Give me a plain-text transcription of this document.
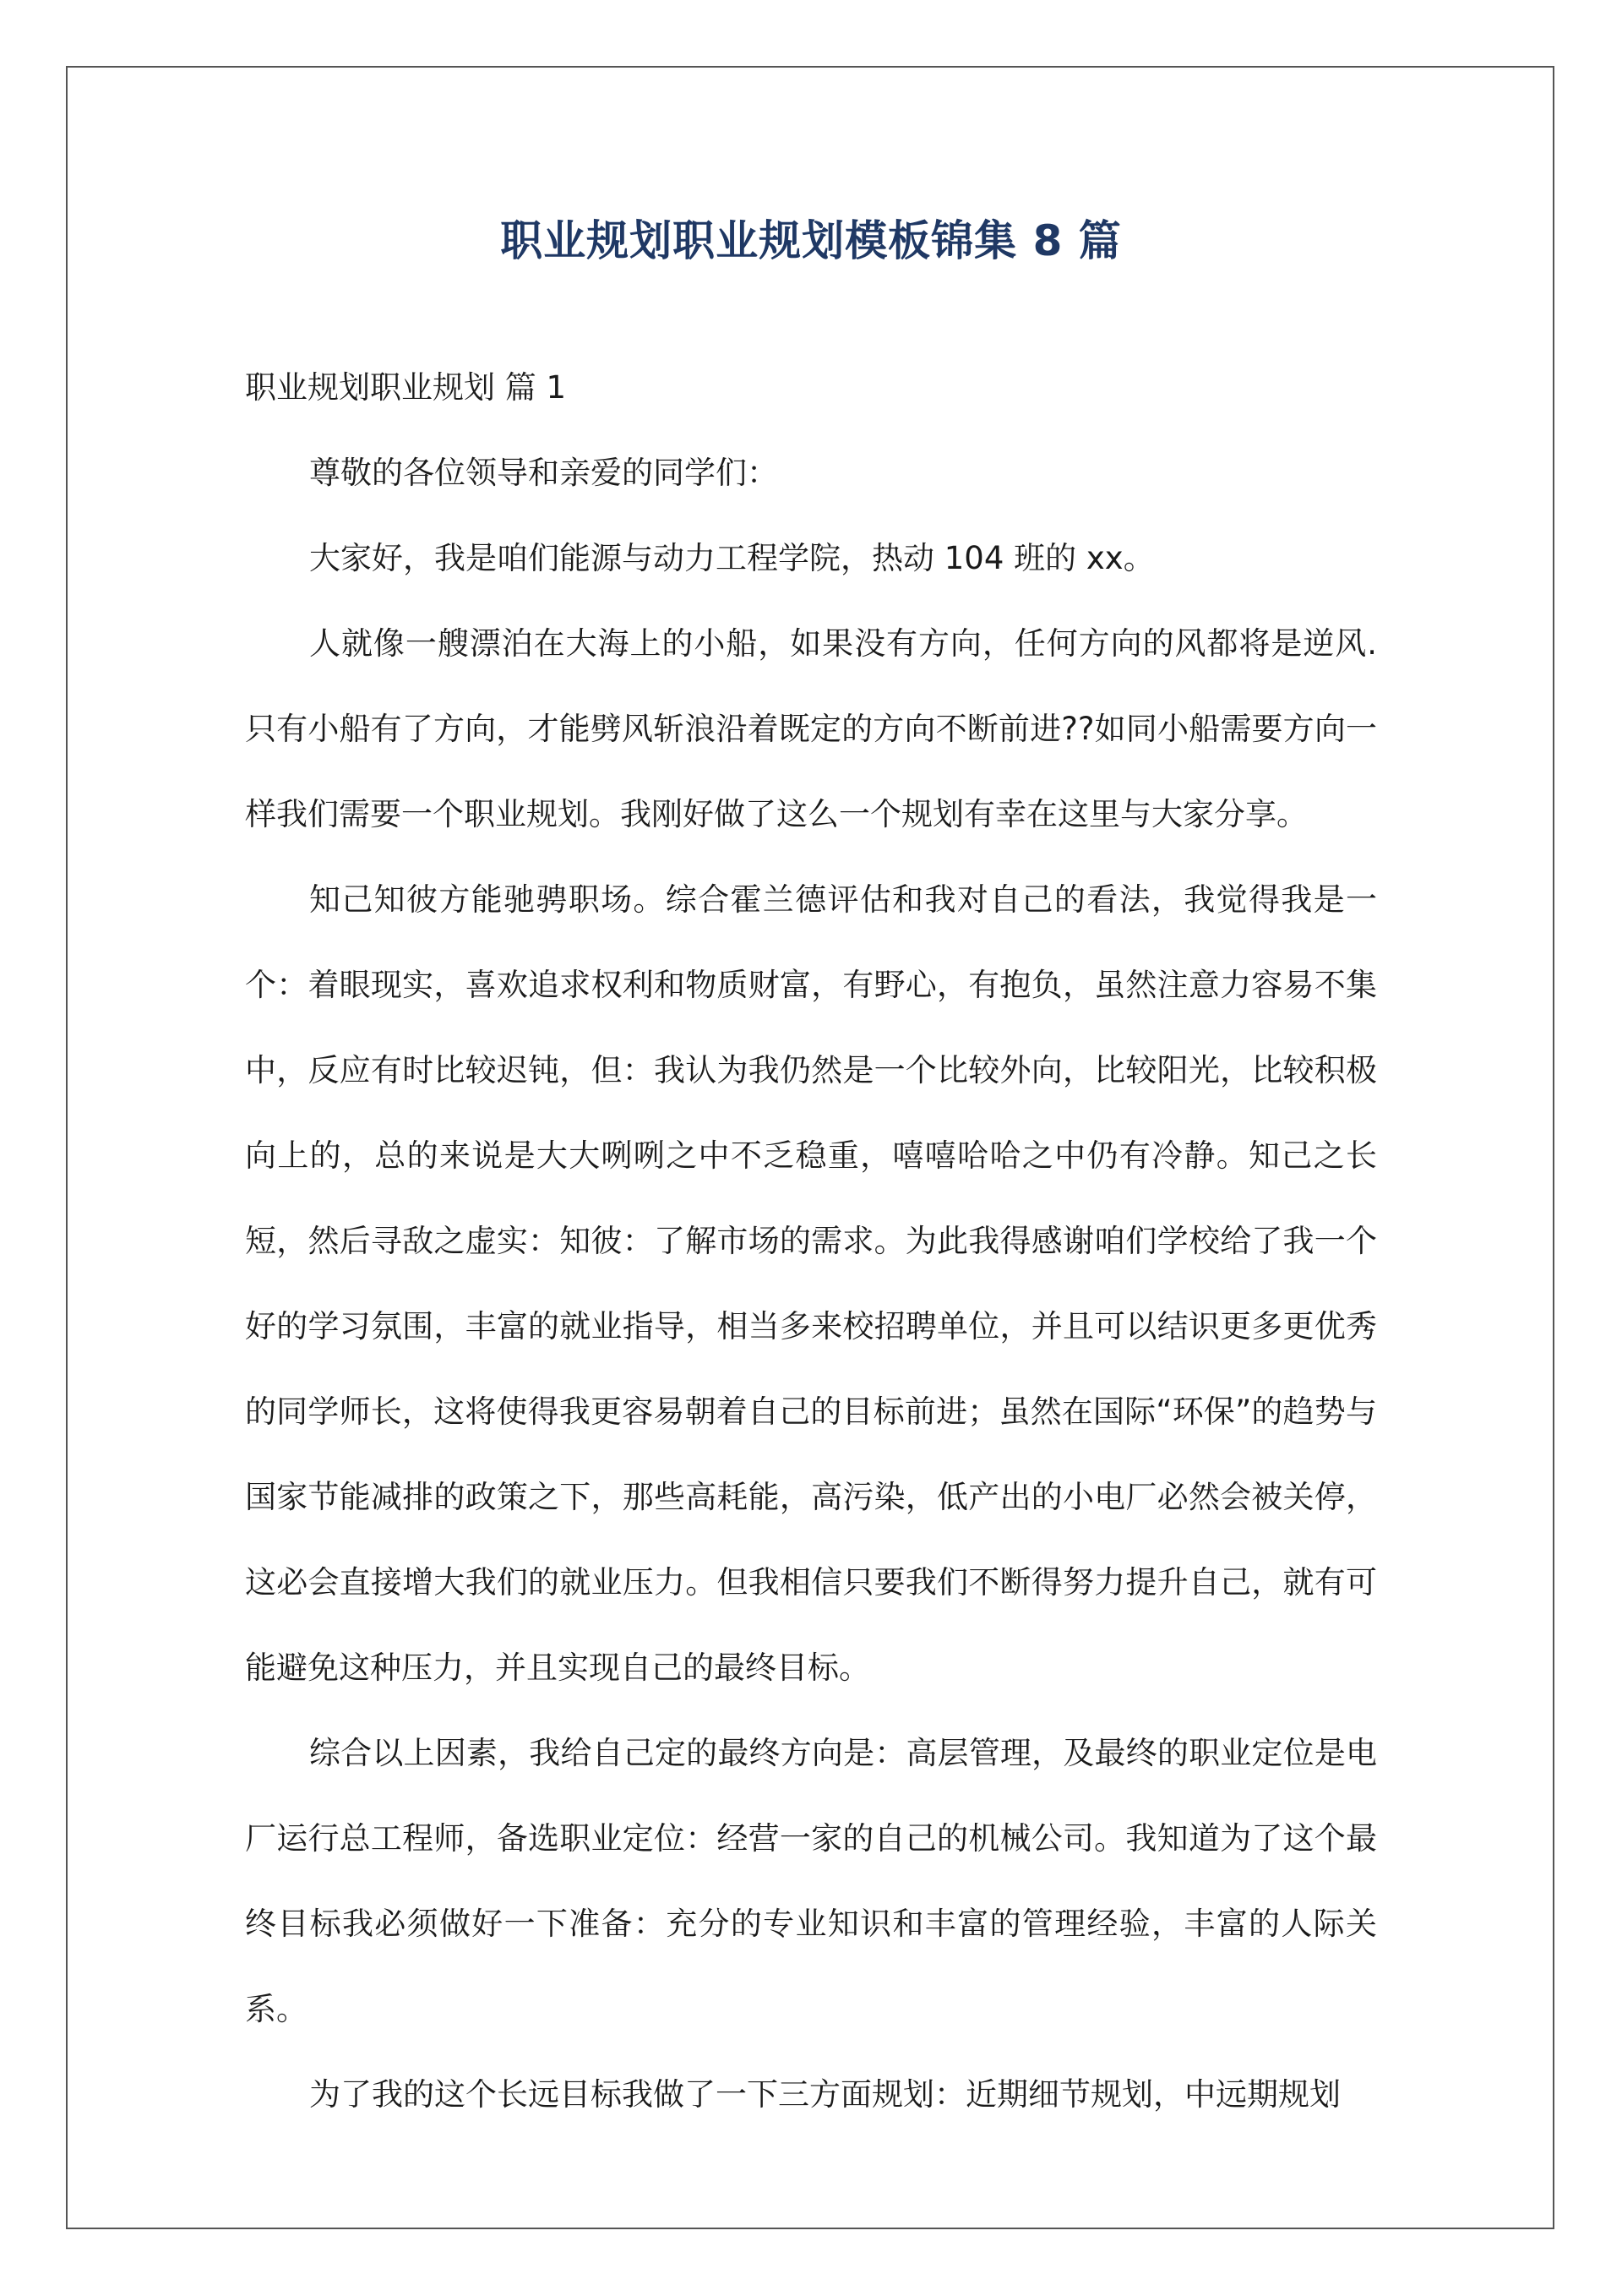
职业规划职业规划模板锦集 8 篇

职业规划职业规划 篇 1

尊敬的各位领导和亲爱的同学们：

大家好，我是咱们能源与动力工程学院，热动 104 班的 xx。

人就像一艘漂泊在大海上的小船，如果没有方向，任何方向的风都将是逆风.只有小船有了方向，才能劈风斩浪沿着既定的方向不断前进??如同小船需要方向一样我们需要一个职业规划。我刚好做了这么一个规划有幸在这里与大家分享。

知己知彼方能驰骋职场。综合霍兰德评估和我对自己的看法，我觉得我是一个：着眼现实，喜欢追求权利和物质财富，有野心，有抱负，虽然注意力容易不集中，反应有时比较迟钝，但：我认为我仍然是一个比较外向，比较阳光，比较积极向上的，总的来说是大大咧咧之中不乏稳重，嘻嘻哈哈之中仍有冷静。知己之长短，然后寻敌之虚实：知彼：了解市场的需求。为此我得感谢咱们学校给了我一个好的学习氛围，丰富的就业指导，相当多来校招聘单位，并且可以结识更多更优秀的同学师长，这将使得我更容易朝着自己的目标前进；虽然在国际“环保”的趋势与国家节能减排的政策之下，那些高耗能，高污染，低产出的小电厂必然会被关停，这必会直接增大我们的就业压力。但我相信只要我们不断得努力提升自己，就有可能避免这种压力，并且实现自己的最终目标。

综合以上因素，我给自己定的最终方向是：高层管理，及最终的职业定位是电厂运行总工程师，备选职业定位：经营一家的自己的机械公司。我知道为了这个最终目标我必须做好一下准备：充分的专业知识和丰富的管理经验，丰富的人际关系。

为了我的这个长远目标我做了一下三方面规划：近期细节规划，中远期规划
